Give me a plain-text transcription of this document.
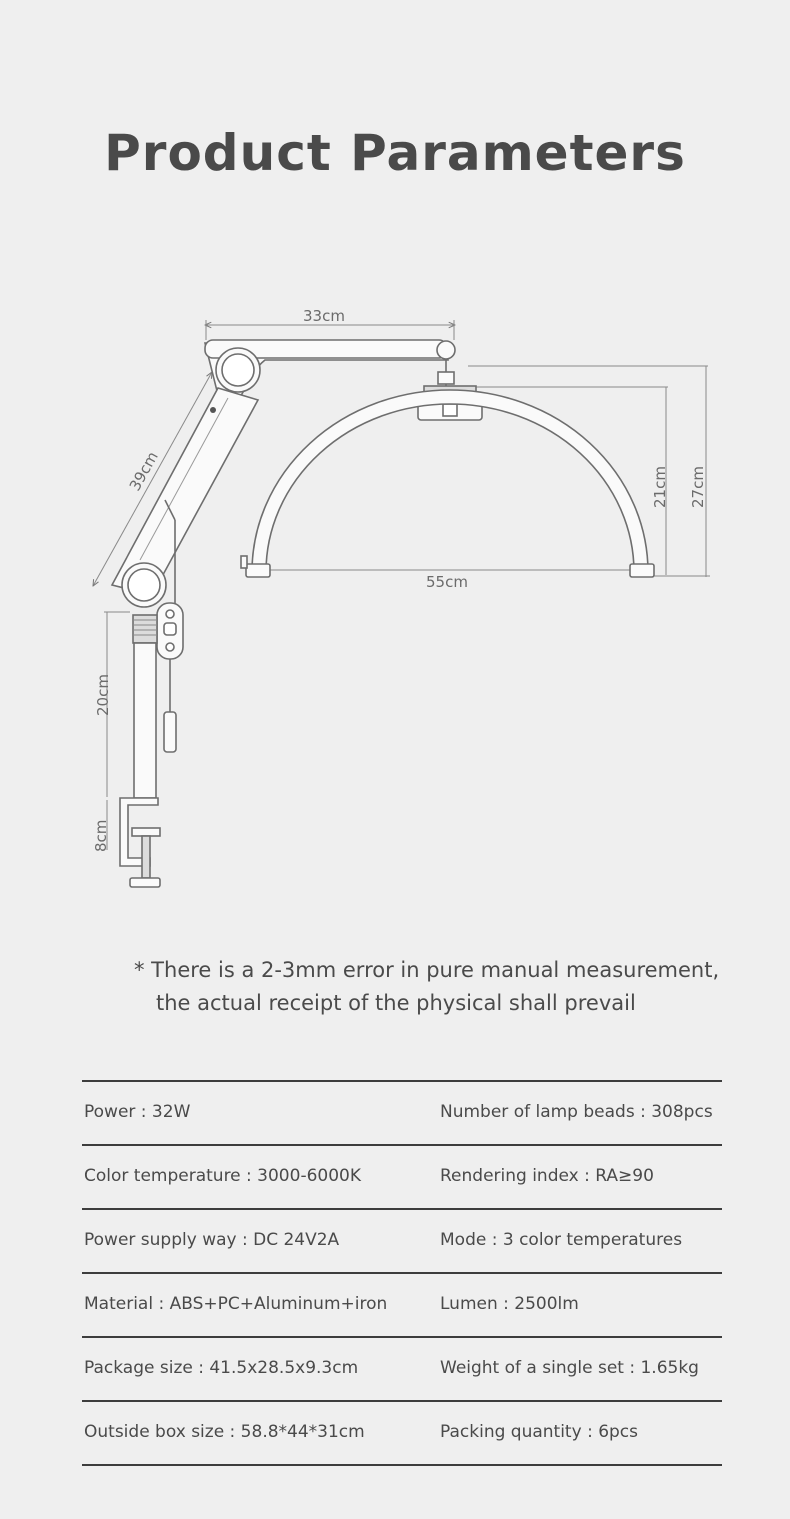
Product Parameters
33cm
39cm
55cm
21cm 27cm
20cm
8cm
* There is a 2-3mm error in pure manual measurement,
the actual receipt of the physical shall prevail
Power : 32W	Number of lamp beads : 308pcs
Color temperature : 3000-6000K	Rendering index : RA≥90
Power supply way : DC 24V2A	Mode : 3 color temperatures
Material : ABS+PC+Aluminum+iron	Lumen : 2500lm
Package size : 41.5x28.5x9.3cm	Weight of a single set : 1.65kg
Outside box size : 58.8*44*31cm	Packing quantity : 6pcs
